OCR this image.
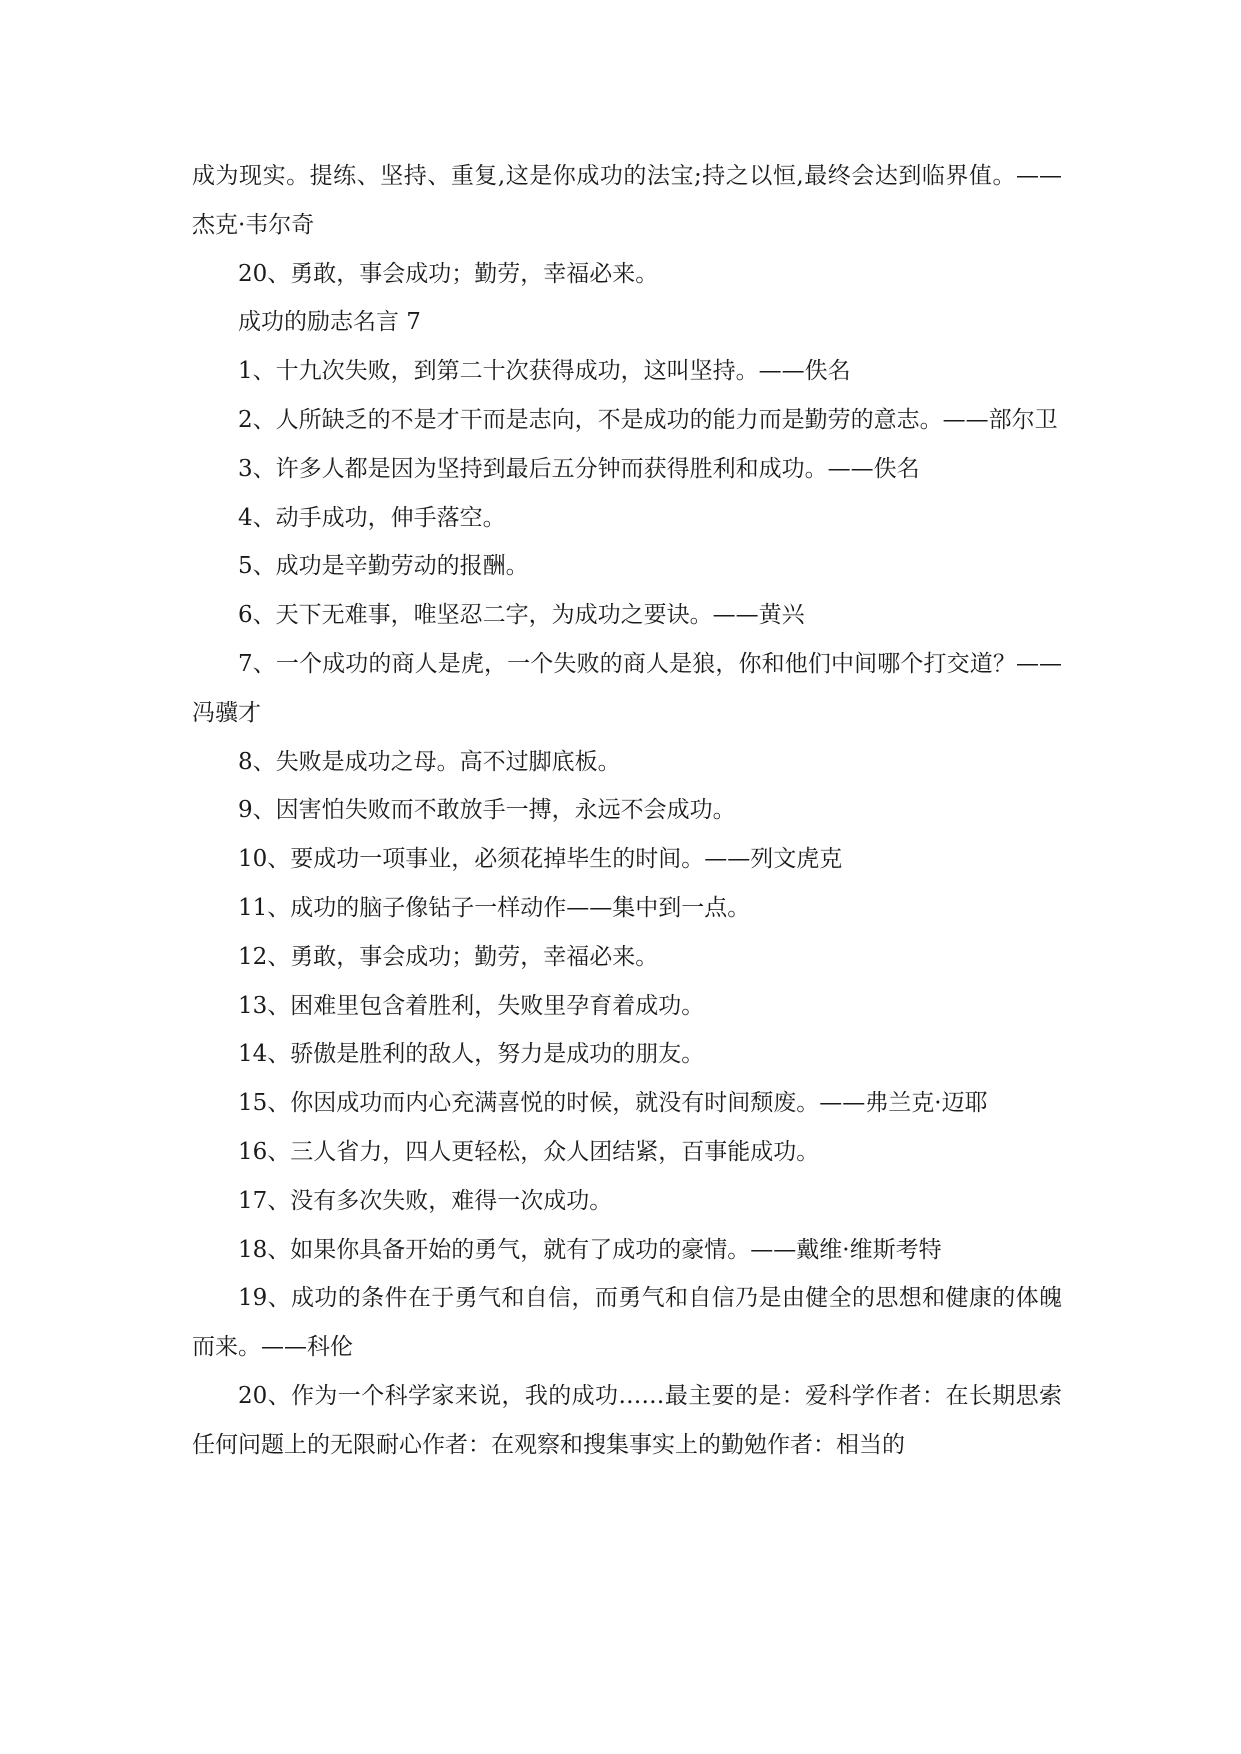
成为现实。提练、坚持、重复,这是你成功的法宝;持之以恒,最终会达到临界值。——杰克·韦尔奇

20、勇敢，事会成功；勤劳，幸福必来。

成功的励志名言 7

1、十九次失败，到第二十次获得成功，这叫坚持。——佚名

2、人所缺乏的不是才干而是志向，不是成功的能力而是勤劳的意志。——部尔卫

3、许多人都是因为坚持到最后五分钟而获得胜利和成功。——佚名

4、动手成功，伸手落空。

5、成功是辛勤劳动的报酬。

6、天下无难事，唯坚忍二字，为成功之要诀。——黄兴

7、一个成功的商人是虎，一个失败的商人是狼，你和他们中间哪个打交道？——冯骥才

8、失败是成功之母。高不过脚底板。

9、因害怕失败而不敢放手一搏，永远不会成功。

10、要成功一项事业，必须花掉毕生的时间。——列文虎克

11、成功的脑子像钻子一样动作——集中到一点。

12、勇敢，事会成功；勤劳，幸福必来。

13、困难里包含着胜利，失败里孕育着成功。

14、骄傲是胜利的敌人，努力是成功的朋友。

15、你因成功而内心充满喜悦的时候，就没有时间颓废。——弗兰克·迈耶

16、三人省力，四人更轻松，众人团结紧，百事能成功。

17、没有多次失败，难得一次成功。

18、如果你具备开始的勇气，就有了成功的豪情。——戴维·维斯考特

19、成功的条件在于勇气和自信，而勇气和自信乃是由健全的思想和健康的体魄而来。——科伦

20、作为一个科学家来说，我的成功……最主要的是：爱科学作者：在长期思索任何问题上的无限耐心作者：在观察和搜集事实上的勤勉作者：相当的
